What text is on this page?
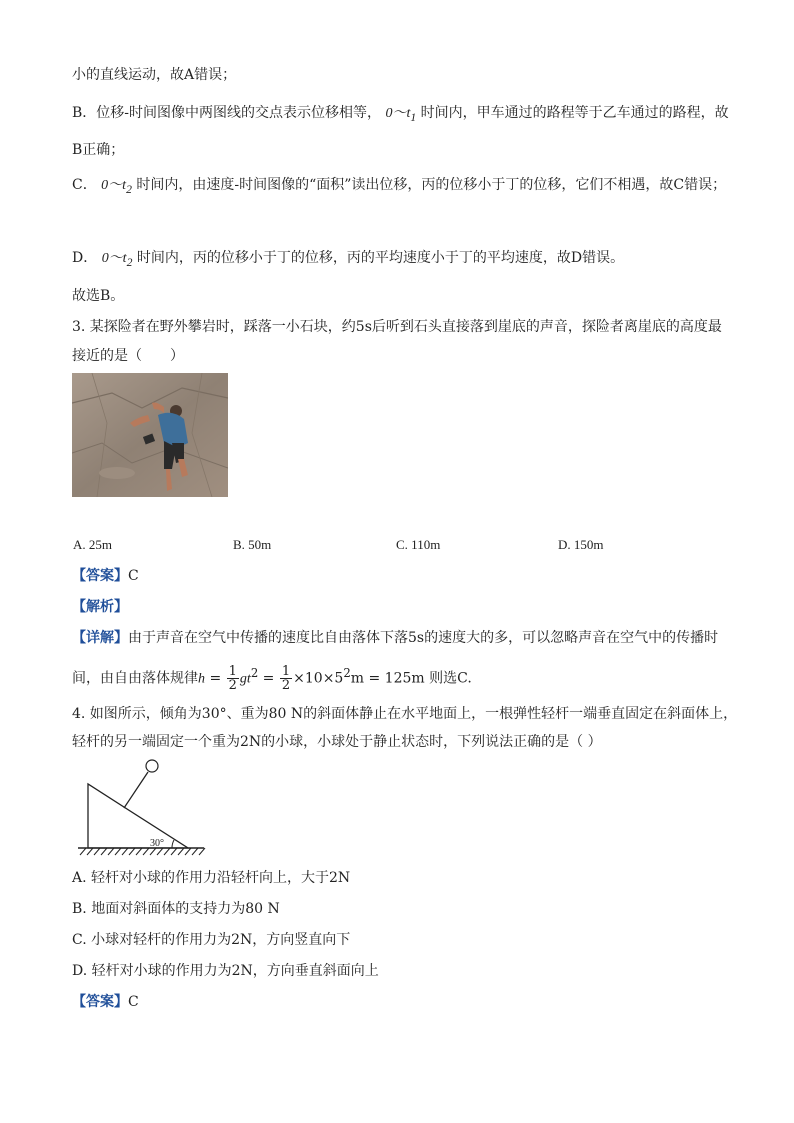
小的直线运动，故A错误；
B．位移-时间图像中两图线的交点表示位移相等， $0\sim t_1$ 时间内，甲车通过的路程等于乙车通过的路程，故
B正确；
C． $0\sim t_2$ 时间内，由速度-时间图像的“面积”读出位移，丙的位移小于丁的位移，它们不相遇，故C错误；
D． $0\sim t_2$ 时间内，丙的位移小于丁的位移，丙的平均速度小于丁的平均速度，故D错误。
故选B。
3. 某探险者在野外攀岩时，踩落一小石块，约5s后听到石头直接落到崖底的声音，探险者离崖底的高度最
接近的是（　　）
A. 25m	B. 50m	C. 110m	D. 150m
【答案】C
【解析】
【详解】由于声音在空气中传播的速度比自由落体下落5s的速度大的多，可以忽略声音在空气中的传播时
间，由自由落体规律$h = \frac{1}{2} gt^2 = \frac{1}{2} \times 10\times 5^2m = 125m$ 则选C.
4. 如图所示，倾角为30°、重为80 N的斜面体静止在水平地面上，一根弹性轻杆一端垂直固定在斜面体上，
轻杆的另一端固定一个重为2N的小球，小球处于静止状态时，下列说法正确的是（ ）
30°
A. 轻杆对小球的作用力沿轻杆向上，大于2N
B. 地面对斜面体的支持力为80 N
C. 小球对轻杆的作用力为2N，方向竖直向下
D. 轻杆对小球的作用力为2N，方向垂直斜面向上
【答案】C
